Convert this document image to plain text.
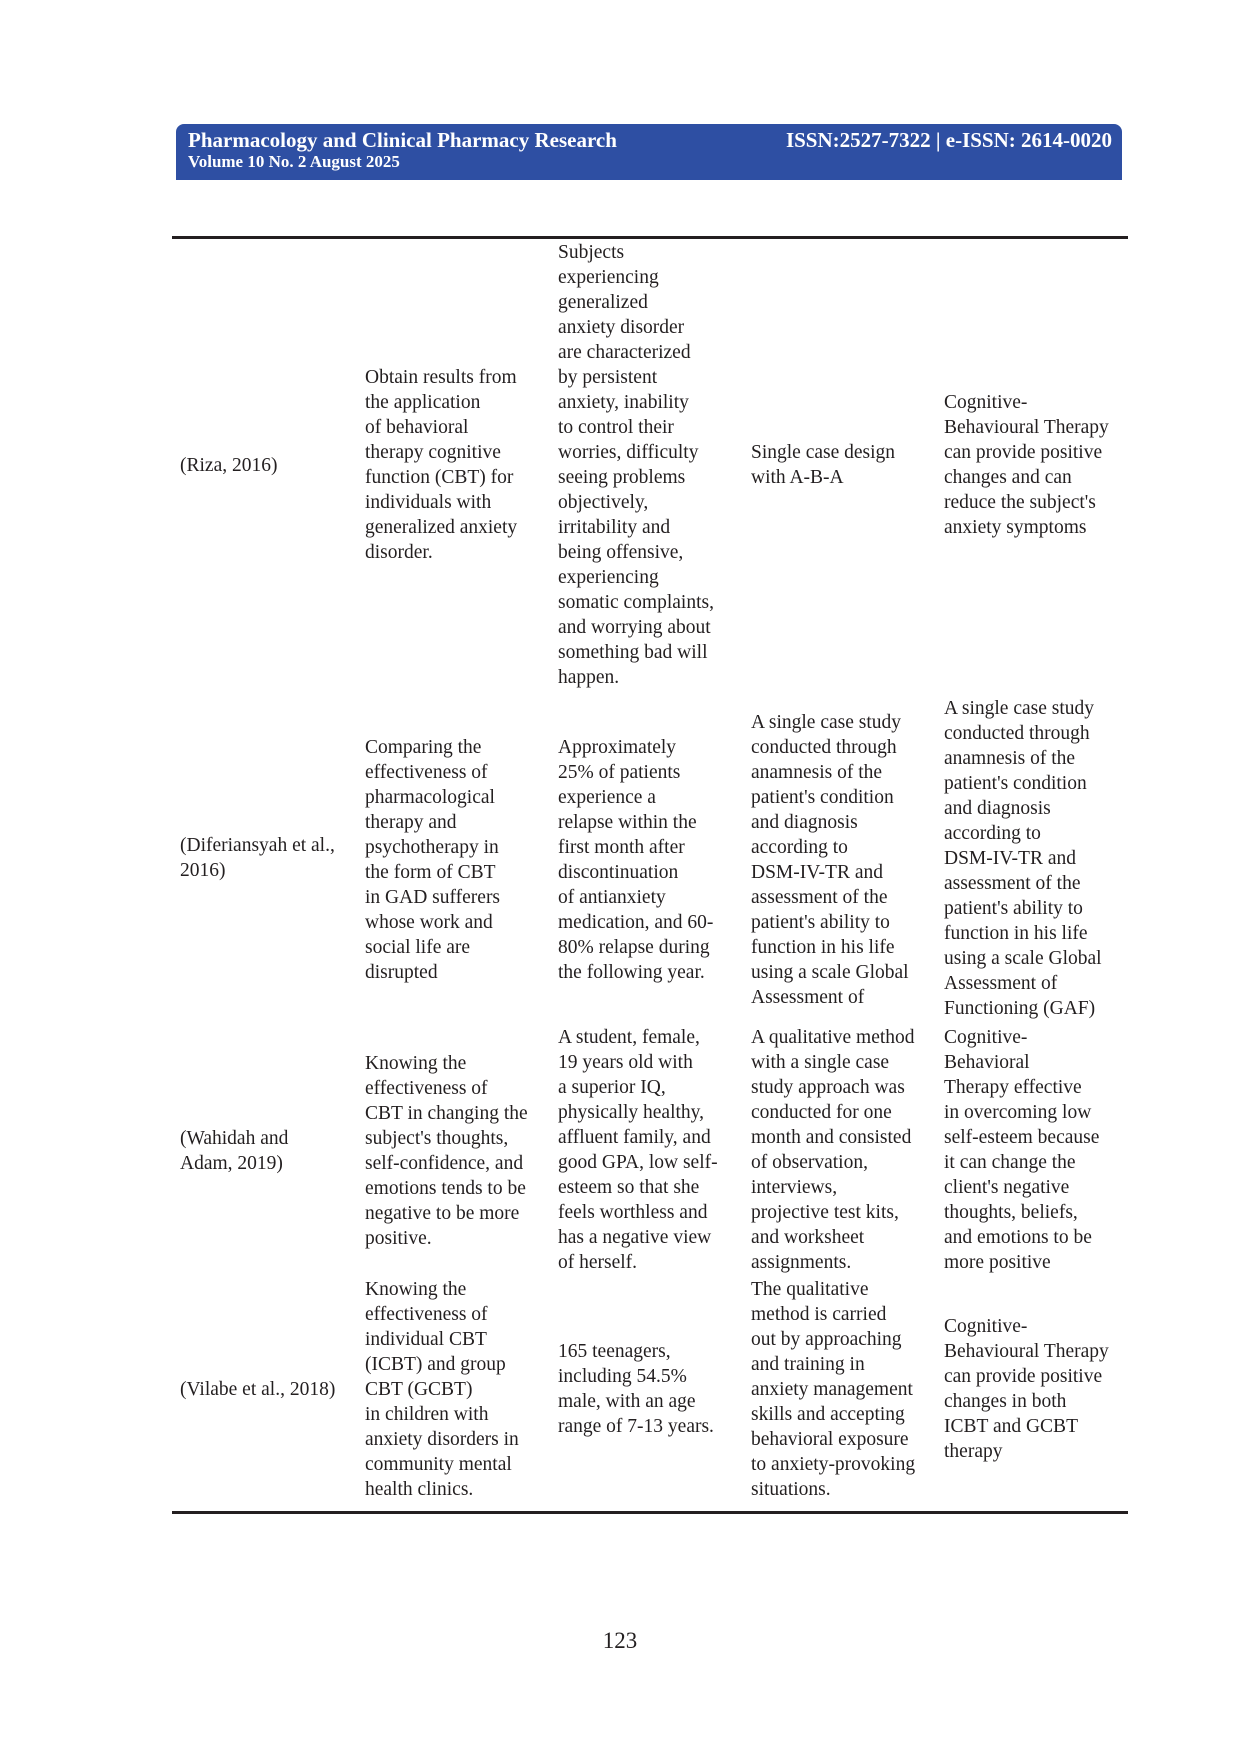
Pharmacology and Clinical Pharmacy Research
Volume 10 No. 2 August 2025
ISSN:2527-7322 | e-ISSN: 2614-0020
(Riza, 2016)
Obtain results from
the application
of behavioral
therapy cognitive
function (CBT) for
individuals with
generalized anxiety
disorder.
Subjects
experiencing
generalized
anxiety disorder
are characterized
by persistent
anxiety, inability
to control their
worries, difficulty
seeing problems
objectively,
irritability and
being offensive,
experiencing
somatic complaints,
and worrying about
something bad will
happen.
Single case design
with A-B-A
Cognitive-
Behavioural Therapy
can provide positive
changes and can
reduce the subject's
anxiety symptoms
(Diferiansyah et al.,
2016)
Comparing the
effectiveness of
pharmacological
therapy and
psychotherapy in
the form of CBT
in GAD sufferers
whose work and
social life are
disrupted
Approximately
25% of patients
experience a
relapse within the
first month after
discontinuation
of antianxiety
medication, and 60-
80% relapse during
the following year.
A single case study
conducted through
anamnesis of the
patient's condition
and diagnosis
according to
DSM-IV-TR and
assessment of the
patient's ability to
function in his life
using a scale Global
Assessment of
A single case study
conducted through
anamnesis of the
patient's condition
and diagnosis
according to
DSM-IV-TR and
assessment of the
patient's ability to
function in his life
using a scale Global
Assessment of
Functioning (GAF)
(Wahidah and
Adam, 2019)
Knowing the
effectiveness of
CBT in changing the
subject's thoughts,
self-confidence, and
emotions tends to be
negative to be more
positive.
A student, female,
19 years old with
a superior IQ,
physically healthy,
affluent family, and
good GPA, low self-
esteem so that she
feels worthless and
has a negative view
of herself.
A qualitative method
with a single case
study approach was
conducted for one
month and consisted
of observation,
interviews,
projective test kits,
and worksheet
assignments.
Cognitive-
Behavioral
Therapy effective
in overcoming low
self-esteem because
it can change the
client's negative
thoughts, beliefs,
and emotions to be
more positive
(Vilabe et al., 2018)
Knowing the
effectiveness of
individual CBT
(ICBT) and group
CBT (GCBT)
in children with
anxiety disorders in
community mental
health clinics.
165 teenagers,
including 54.5%
male, with an age
range of 7-13 years.
The qualitative
method is carried
out by approaching
and training in
anxiety management
skills and accepting
behavioral exposure
to anxiety-provoking
situations.
Cognitive-
Behavioural Therapy
can provide positive
changes in both
ICBT and GCBT
therapy
123
